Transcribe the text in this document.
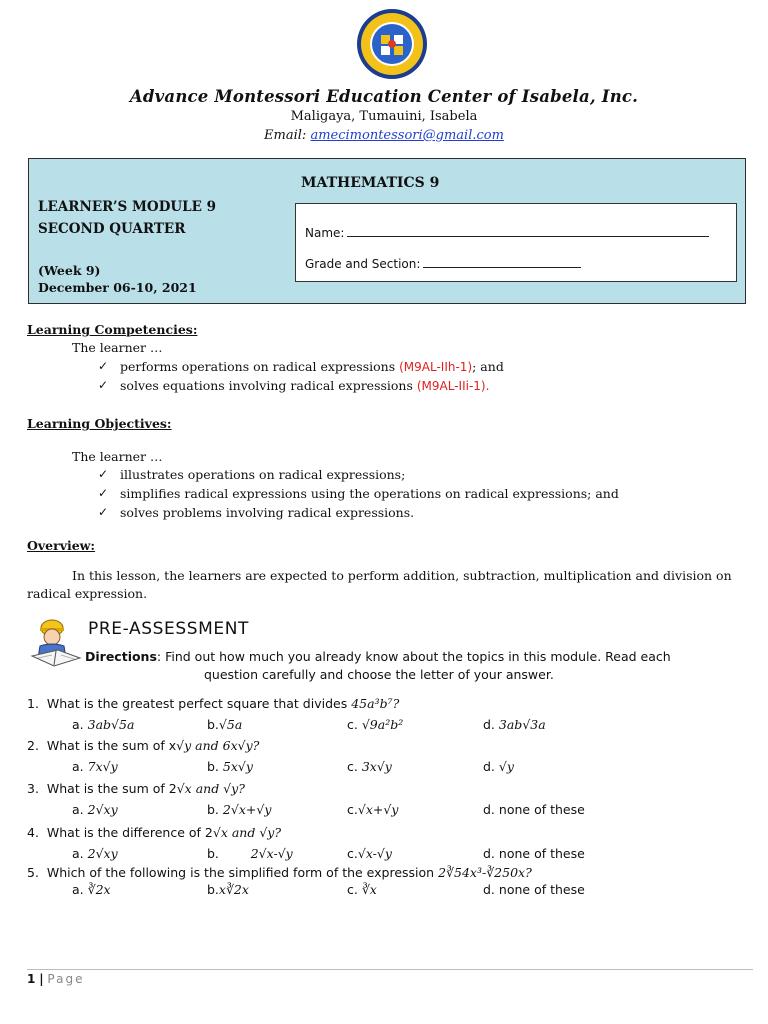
Advance Montessori Education Center of Isabela, Inc.
Maligaya, Tumauini, Isabela
Email: amecimontessori@gmail.com
LEARNER’S MODULE 9
SECOND QUARTER
(Week 9)
December 06-10, 2021
MATHEMATICS 9
Name:
Grade and Section:
Learning Competencies:
The learner …
✓ performs operations on radical expressions (M9AL-IIh-1); and
✓ solves equations involving radical expressions (M9AL-IIi-1).
Learning Objectives:
The learner …
✓ illustrates operations on radical expressions;
✓ simplifies radical expressions using the operations on radical expressions; and
✓ solves problems involving radical expressions.
Overview:
In this lesson, the learners are expected to perform addition, subtraction, multiplication and division on radical expression.
PRE-ASSESSMENT
Directions: Find out how much you already know about the topics in this module. Read each
question carefully and choose the letter of your answer.
1. What is the greatest perfect square that divides 45a³b⁷?
a. 3ab√5a	b.√5a	c. √9a²b²	d. 3ab√3a
2. What is the sum of x√y and 6x√y?
a. 7x√y	b. 5x√y	c. 3x√y	d. √y
3. What is the sum of 2√x and √y?
a. 2√xy	b. 2√x+√y	c.√x+√y	d. none of these
4. What is the difference of 2√x and √y?
a. 2√xy	b.	2√x-√y	c.√x-√y	d. none of these
5. Which of the following is the simplified form of the expression 2∛54x³-∛250x?
a. ∛2x	b.x∛2x	c. ∛x	d. none of these
1 | Page
